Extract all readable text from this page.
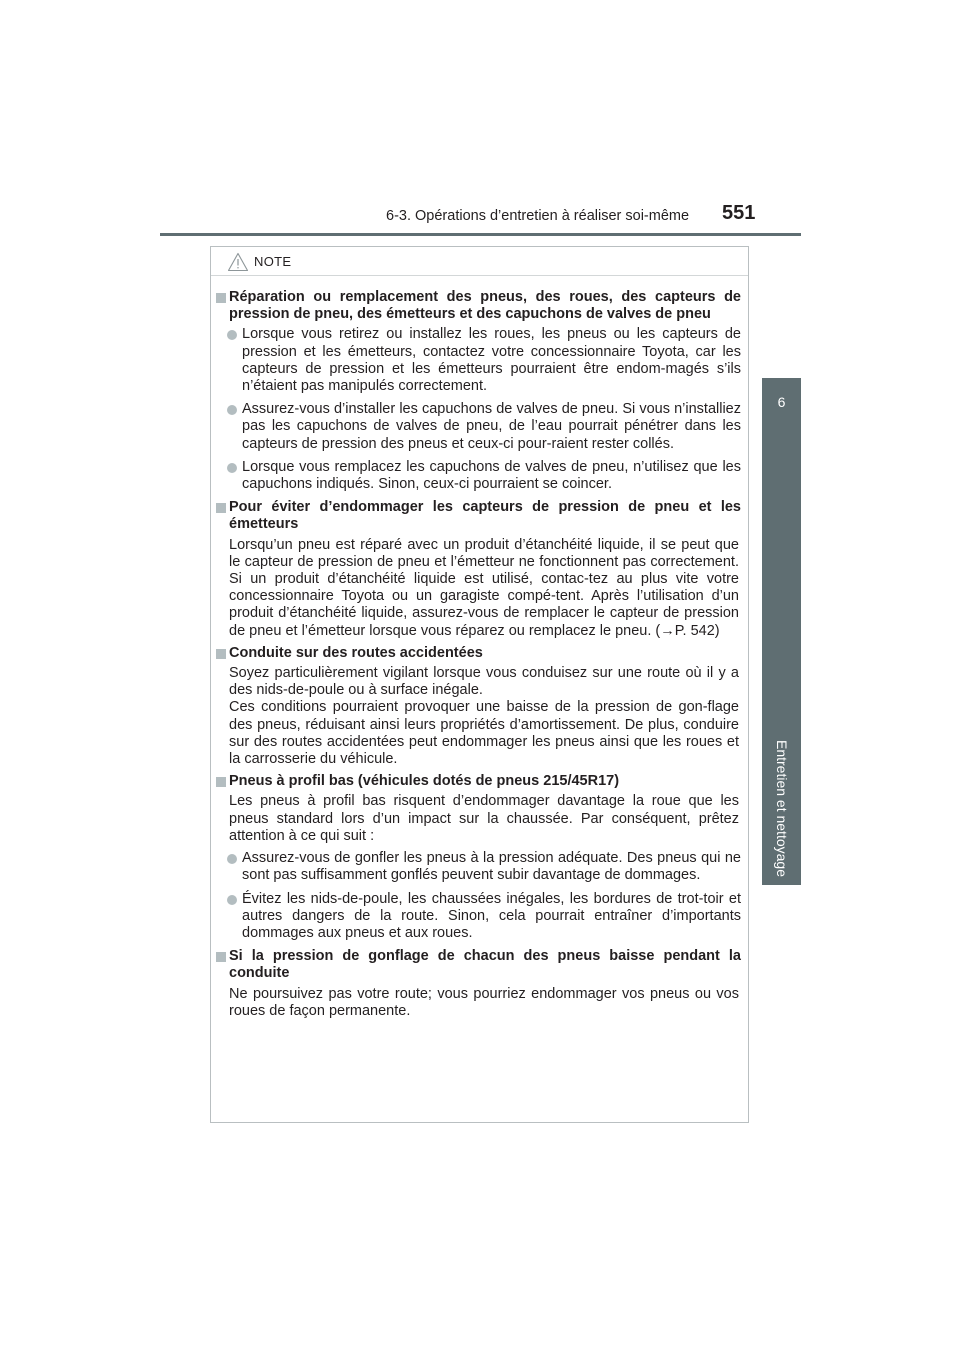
6-3. Opérations d’entretien à réaliser soi-même 551
6
Entretien et nettoyage
NOTE
Réparation ou remplacement des pneus, des roues, des capteurs de pression de pneu, des émetteurs et des capuchons de valves de pneu
Lorsque vous retirez ou installez les roues, les pneus ou les capteurs de pression et les émetteurs, contactez votre concessionnaire Toyota, car les capteurs de pression et les émetteurs pourraient être endom-magés s’ils n’étaient pas manipulés correctement.
Assurez-vous d’installer les capuchons de valves de pneu. Si vous n’installiez pas les capuchons de valves de pneu, de l’eau pourrait pénétrer dans les capteurs de pression des pneus et ceux-ci pour-raient rester collés.
Lorsque vous remplacez les capuchons de valves de pneu, n’utilisez que les capuchons indiqués. Sinon, ceux-ci pourraient se coincer.
Pour éviter d’endommager les capteurs de pression de pneu et les émetteurs

Lorsqu’un pneu est réparé avec un produit d’étanchéité liquide, il se peut que le capteur de pression de pneu et l’émetteur ne fonctionnent pas correctement. Si un produit d’étanchéité liquide est utilisé, contac-tez au plus vite votre concessionnaire Toyota ou un garagiste compé-tent. Après l’utilisation d’un produit d’étanchéité liquide, assurez-vous de remplacer le capteur de pression de pneu et l’émetteur lorsque vous réparez ou remplacez le pneu. (→P. 542)

Conduite sur des routes accidentées

Soyez particulièrement vigilant lorsque vous conduisez sur une route où il y a des nids-de-poule ou à surface inégale.

Ces conditions pourraient provoquer une baisse de la pression de gon-flage des pneus, réduisant ainsi leurs propriétés d’amortissement. De plus, conduire sur des routes accidentées peut endommager les pneus ainsi que les roues et la carrosserie du véhicule.

Pneus à profil bas (véhicules dotés de pneus 215/45R17)

Les pneus à profil bas risquent d’endommager davantage la roue que les pneus standard lors d’un impact sur la chaussée. Par conséquent, prêtez attention à ce qui suit :

Assurez-vous de gonfler les pneus à la pression adéquate. Des pneus qui ne sont pas suffisamment gonflés peuvent subir davantage de dommages.
Évitez les nids-de-poule, les chaussées inégales, les bordures de trot-toir et autres dangers de la route. Sinon, cela pourrait entraîner d’importants dommages aux pneus et aux roues.
Si la pression de gonflage de chacun des pneus baisse pendant la conduite

Ne poursuivez pas votre route; vous pourriez endommager vos pneus ou vos roues de façon permanente.
